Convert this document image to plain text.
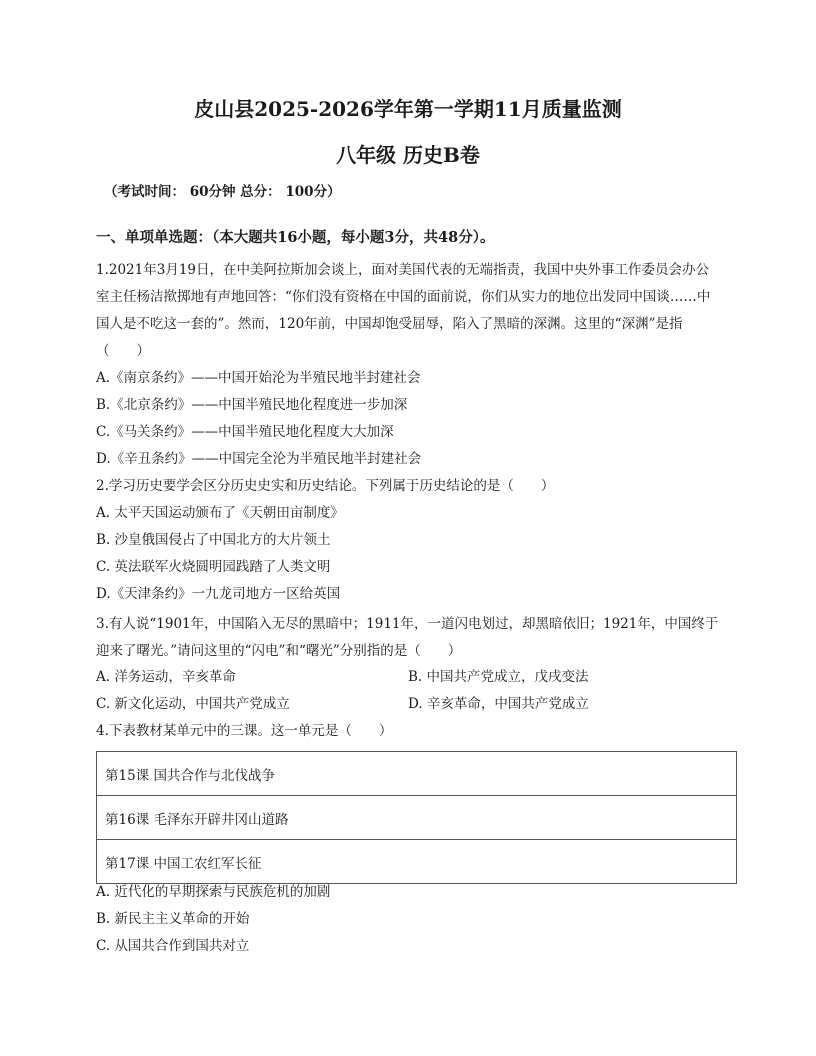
皮山县2025-2026学年第一学期11月质量监测
八年级 历史B卷
（考试时间： 60分钟 总分： 100分）
一、单项单选题：（本大题共16小题，每小题3分，共48分）。

1.2021年3月19日，在中美阿拉斯加会谈上，面对美国代表的无端指责，我国中央外事工作委员会办公室主任杨洁揿掷地有声地回答：“你们没有资格在中国的面前说，你们从实力的地位出发同中国谈……中国人是不吃这一套的”。然而，120年前，中国却饱受屈辱，陷入了黑暗的深渊。这里的“深渊”是指（　　）

A.《南京条约》——中国开始沦为半殖民地半封建社会
B.《北京条约》——中国半殖民地化程度进一步加深
C.《马关条约》——中国半殖民地化程度大大加深
D.《辛丑条约》——中国完全沦为半殖民地半封建社会

2.学习历史要学会区分历史史实和历史结论。下列属于历史结论的是（　　）

A. 太平天国运动颁布了《天朝田亩制度》
B. 沙皇俄国侵占了中国北方的大片领土
C. 英法联军火烧圆明园践踏了人类文明
D.《天津条约》一九龙司地方一区给英国

3.有人说“1901年，中国陷入无尽的黑暗中；1911年，一道闪电划过，却黑暗依旧；1921年，中国终于迎来了曙光。”请问这里的“闪电”和“曙光”分别指的是（　　）

A. 洋务运动，辛亥革命	B. 中国共产党成立，戊戌变法
C. 新文化运动，中国共产党成立	D. 辛亥革命，中国共产党成立

4.下表教材某单元中的三课。这一单元是（　　）

第15课 国共合作与北伐战争
第16课 毛泽东开辟井冈山道路
第17课 中国工农红军长征
A. 近代化的早期探索与民族危机的加剧
B. 新民主主义革命的开始
C. 从国共合作到国共对立
